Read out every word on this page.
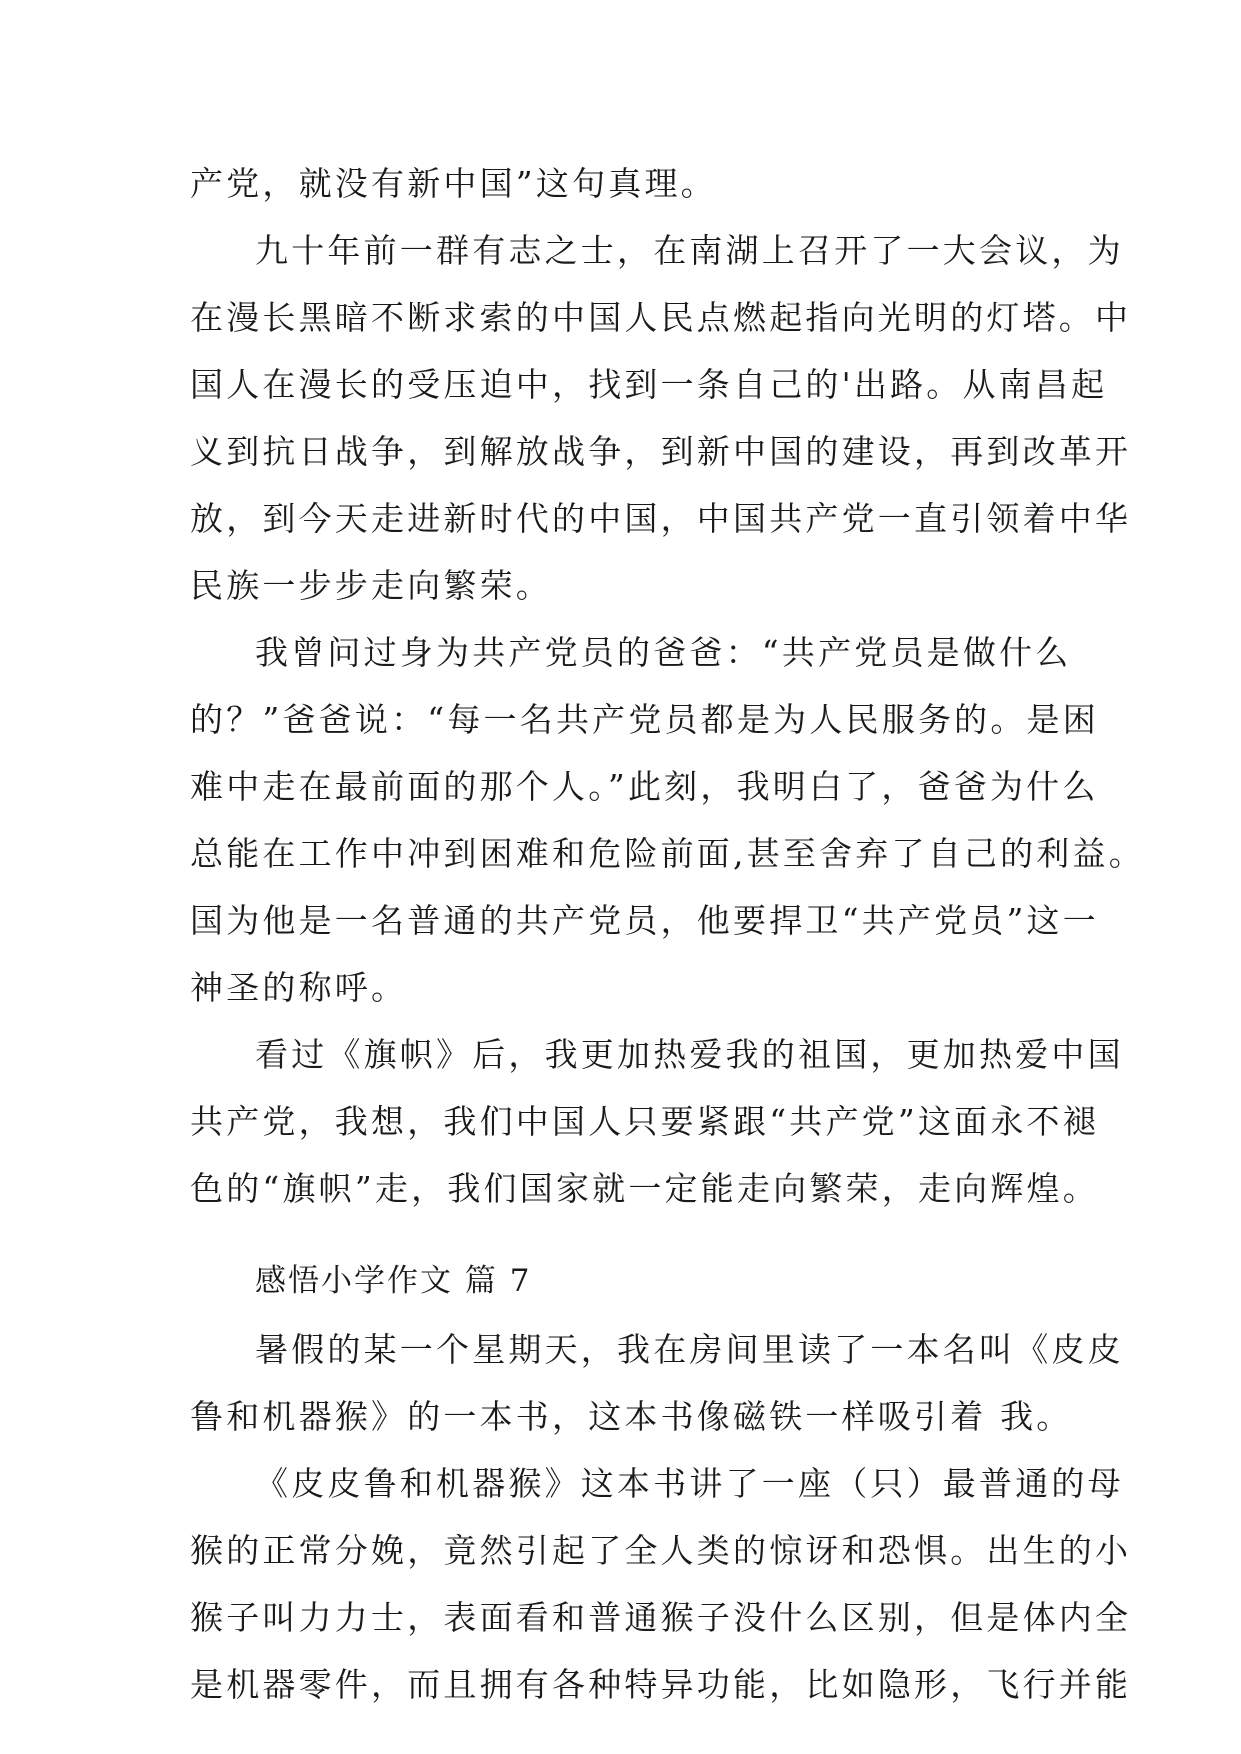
产党，就没有新中国”这句真理。
九十年前一群有志之士，在南湖上召开了一大会议，为
在漫长黑暗不断求索的中国人民点燃起指向光明的灯塔。中
国人在漫长的受压迫中，找到一条自己的'出路。从南昌起
义到抗日战争，到解放战争，到新中国的建设，再到改革开
放，到今天走进新时代的中国，中国共产党一直引领着中华
民族一步步走向繁荣。
我曾问过身为共产党员的爸爸：“共产党员是做什么
的？”爸爸说：“每一名共产党员都是为人民服务的。是困
难中走在最前面的那个人。”此刻，我明白了，爸爸为什么
总能在工作中冲到困难和危险前面,甚至舍弃了自己的利益。
国为他是一名普通的共产党员，他要捍卫“共产党员”这一
神圣的称呼。
看过《旗帜》后，我更加热爱我的祖国，更加热爱中国
共产党，我想，我们中国人只要紧跟“共产党”这面永不褪
色的“旗帜”走，我们国家就一定能走向繁荣，走向辉煌。
感悟小学作文 篇 7
暑假的某一个星期天，我在房间里读了一本名叫《皮皮
鲁和机器猴》的一本书，这本书像磁铁一样吸引着 我。
《皮皮鲁和机器猴》这本书讲了一座（只）最普通的母
猴的正常分娩，竟然引起了全人类的惊讶和恐惧。出生的小
猴子叫力力士，表面看和普通猴子没什么区别，但是体内全
是机器零件，而且拥有各种特异功能，比如隐形，飞行并能
